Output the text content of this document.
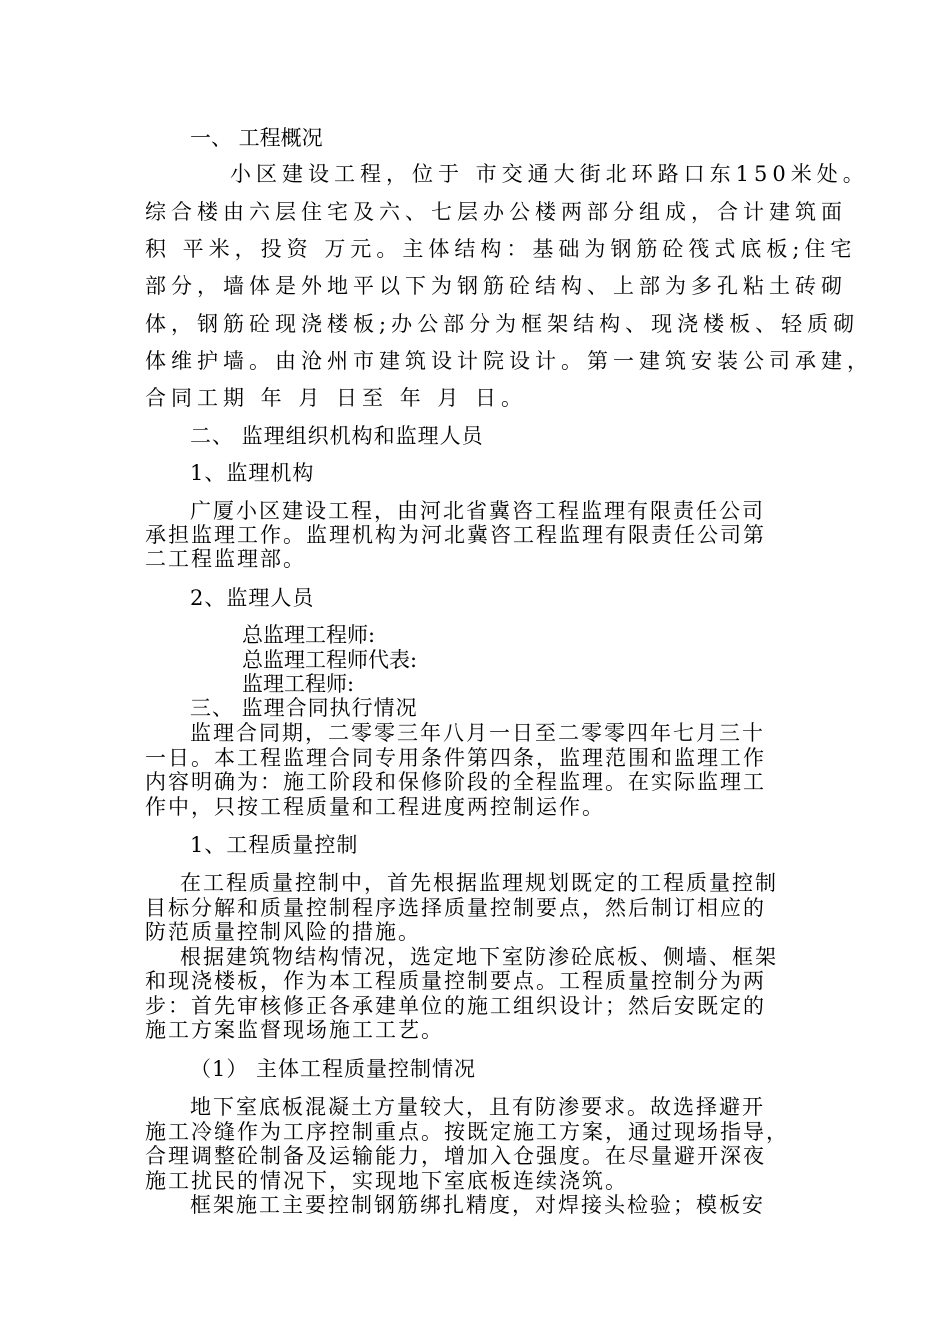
一、 工程概况
小区建设工程，位于 市交通大街北环路口东150米处。
综合楼由六层住宅及六、七层办公楼两部分组成，合计建筑面
积 平米，投资 万元。主体结构：基础为钢筋砼筏式底板;住宅
部分，墙体是外地平以下为钢筋砼结构、上部为多孔粘土砖砌
体，钢筋砼现浇楼板;办公部分为框架结构、现浇楼板、轻质砌
体维护墙。由沧州市建筑设计院设计。第一建筑安装公司承建，
合同工期 年 月 日至 年 月 日。
二、 监理组织机构和监理人员
1、监理机构
广厦小区建设工程，由河北省冀咨工程监理有限责任公司
承担监理工作。监理机构为河北冀咨工程监理有限责任公司第
二工程监理部。
2、监理人员
总监理工程师:
总监理工程师代表:
监理工程师:
三、 监理合同执行情况
监理合同期，二零零三年八月一日至二零零四年七月三十
一日。本工程监理合同专用条件第四条，监理范围和监理工作
内容明确为：施工阶段和保修阶段的全程监理。在实际监理工
作中，只按工程质量和工程进度两控制运作。
1、工程质量控制
在工程质量控制中，首先根据监理规划既定的工程质量控制
目标分解和质量控制程序选择质量控制要点，然后制订相应的
防范质量控制风险的措施。
根据建筑物结构情况，选定地下室防渗砼底板、侧墙、框架
和现浇楼板，作为本工程质量控制要点。工程质量控制分为两
步：首先审核修正各承建单位的施工组织设计；然后安既定的
施工方案监督现场施工工艺。
（1） 主体工程质量控制情况
地下室底板混凝土方量较大，且有防渗要求。故选择避开
施工冷缝作为工序控制重点。按既定施工方案，通过现场指导，
合理调整砼制备及运输能力，增加入仓强度。在尽量避开深夜
施工扰民的情况下，实现地下室底板连续浇筑。
框架施工主要控制钢筋绑扎精度，对焊接头检验；模板安
